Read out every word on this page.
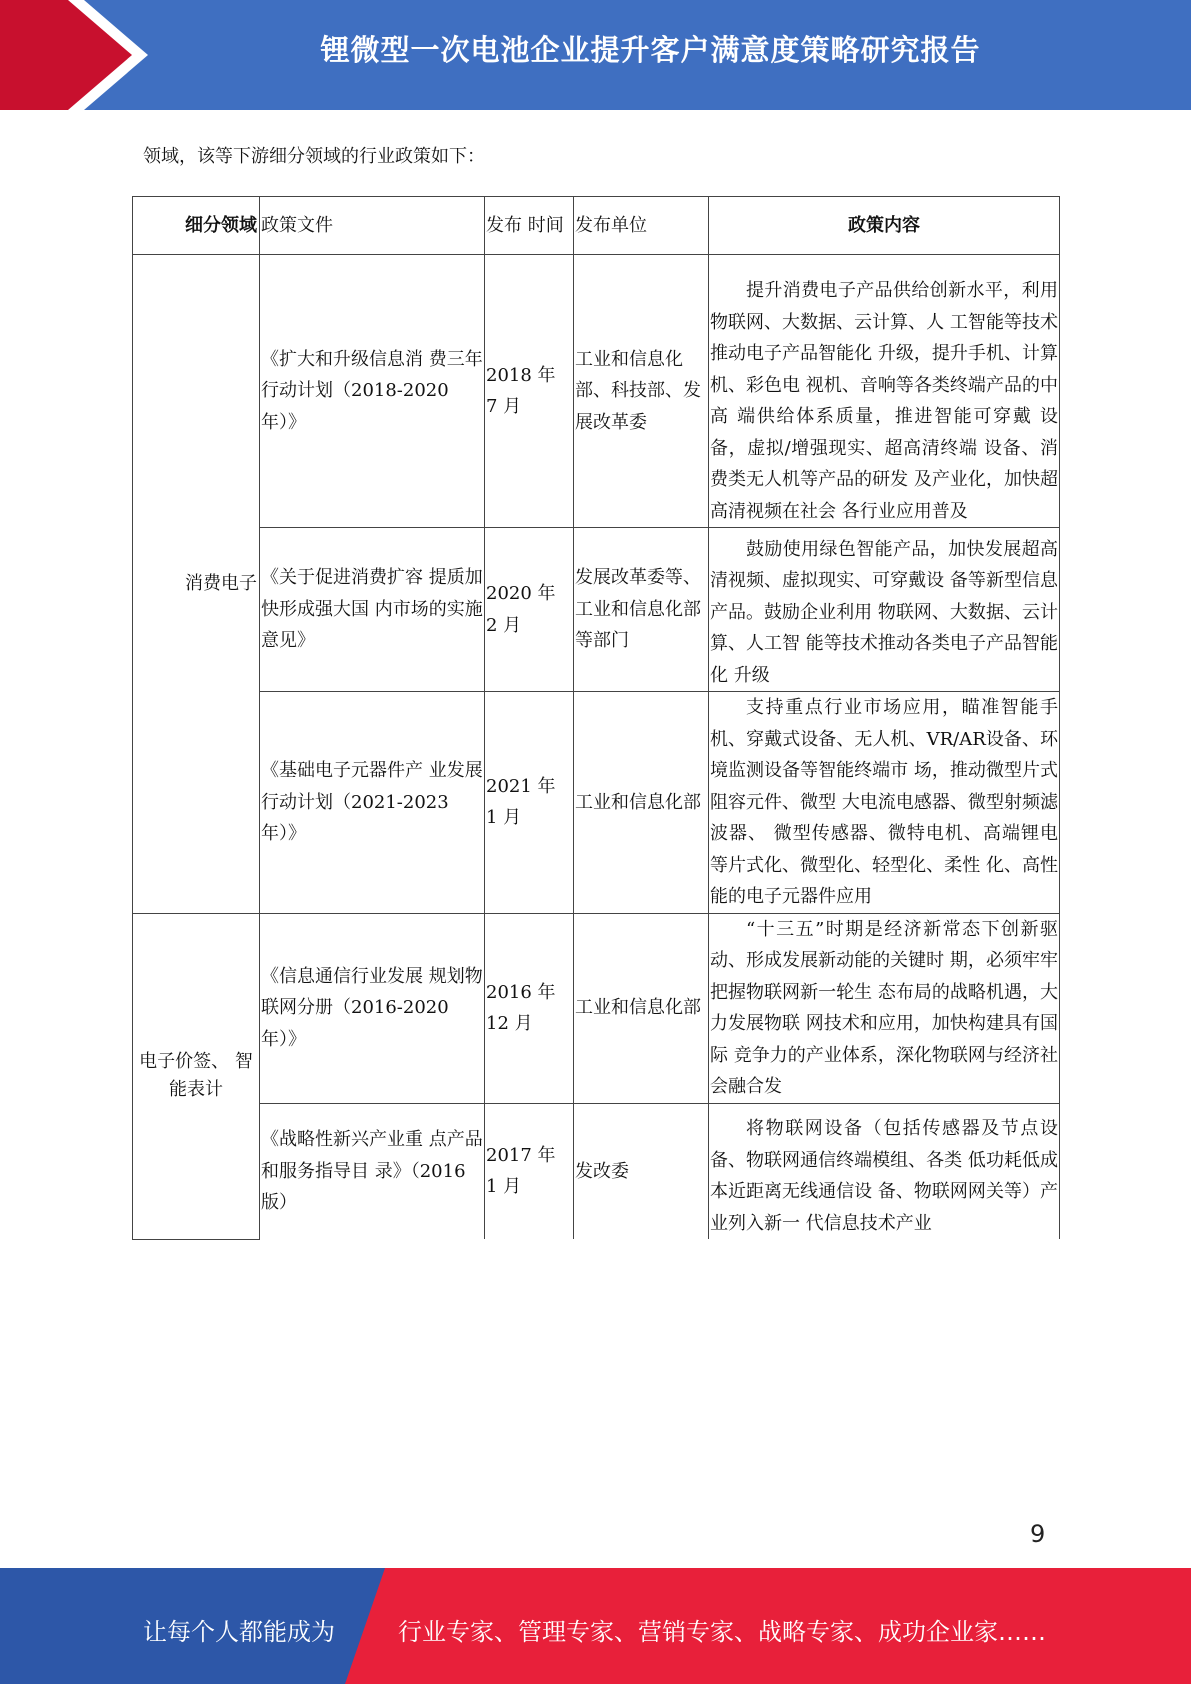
锂微型一次电池企业提升客户满意度策略研究报告
领域，该等下游细分领域的行业政策如下：
细分领域	政策文件	发布 时间	发布单位	政策内容
消费电子	《扩大和升级信息消 费三年行动计划（2018-2020 年）》	2018 年 7 月	工业和信息化部、科技部、发展改革委	提升消费电子产品供给创新水平，利用物联网、大数据、云计算、人 工智能等技术推动电子产品智能化 升级，提升手机、计算机、彩色电 视机、音响等各类终端产品的中高 端供给体系质量，推进智能可穿戴 设备，虚拟/增强现实、超高清终端 设备、消费类无人机等产品的研发 及产业化，加快超高清视频在社会 各行业应用普及
	《关于促进消费扩容 提质加快形成强大国 内市场的实施意见》	2020 年 2 月	发展改革委等、工业和信息化部等部门	鼓励使用绿色智能产品，加快发展超高清视频、虚拟现实、可穿戴设 备等新型信息产品。鼓励企业利用 物联网、大数据、云计算、人工智 能等技术推动各类电子产品智能化 升级
	《基础电子元器件产 业发展行动计划（2021-2023 年）》	2021 年 1 月	工业和信息化部	支持重点行业市场应用，瞄准智能手机、穿戴式设备、无人机、VR/AR设备、环境监测设备等智能终端市 场，推动微型片式阻容元件、微型 大电流电感器、微型射频滤波器、 微型传感器、微特电机、高端锂电 等片式化、微型化、轻型化、柔性 化、高性能的电子元器件应用

电子价签、 智能表计	《信息通信行业发展 规划物联网分册（2016-2020 年）》	2016 年 12 月	工业和信息化部	“十三五”时期是经济新常态下创新驱动、形成发展新动能的关键时 期，必须牢牢把握物联网新一轮生 态布局的战略机遇，大力发展物联 网技术和应用，加快构建具有国际 竞争力的产业体系，深化物联网与经济社会融合发
	《战略性新兴产业重 点产品和服务指导目 录》（2016 版）	2017 年 1 月	发改委	将物联网设备（包括传感器及节点设备、物联网通信终端模组、各类 低功耗低成本近距离无线通信设 备、物联网网关等）产业列入新一 代信息技术产业
9
让每个人都能成为	行业专家、管理专家、营销专家、战略专家、成功企业家……
